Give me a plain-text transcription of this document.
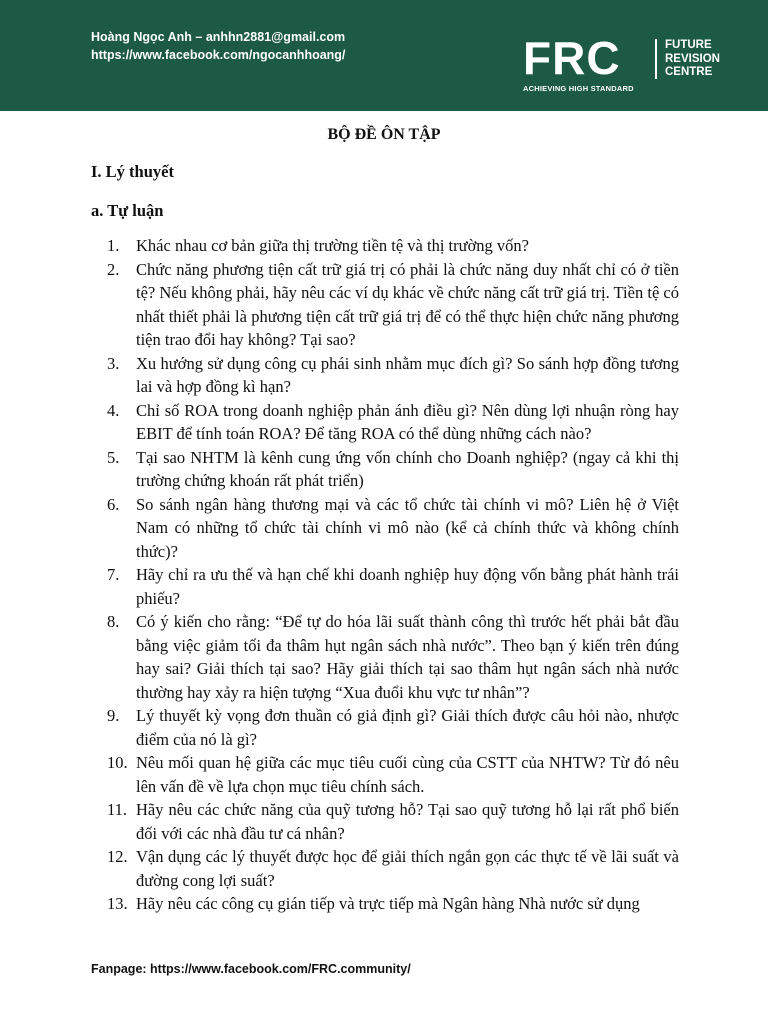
Hoàng Ngọc Anh – anhhn2881@gmail.com
https://www.facebook.com/ngocanhhoang/	FRC	FUTURE
REVISION
CENTRE
ACHIEVING HIGH STANDARD
BỘ ĐỀ ÔN TẬP
I. Lý thuyết
a. Tự luận
1.	Khác nhau cơ bản giữa thị trường tiền tệ và thị trường vốn?
2.	Chức năng phương tiện cất trữ giá trị có phải là chức năng duy nhất chỉ có ở tiền tệ? Nếu không phải, hãy nêu các ví dụ khác về chức năng cất trữ giá trị. Tiền tệ có nhất thiết phải là phương tiện cất trữ giá trị để có thể thực hiện chức năng phương tiện trao đổi hay không? Tại sao?
3.	Xu hướng sử dụng công cụ phái sinh nhằm mục đích gì? So sánh hợp đồng tương lai và hợp đồng kì hạn?
4.	Chỉ số ROA trong doanh nghiệp phản ánh điều gì? Nên dùng lợi nhuận ròng hay EBIT để tính toán ROA? Để tăng ROA có thể dùng những cách nào?
5.	Tại sao NHTM là kênh cung ứng vốn chính cho Doanh nghiệp? (ngay cả khi thị trường chứng khoán rất phát triển)
6.	So sánh ngân hàng thương mại và các tổ chức tài chính vi mô? Liên hệ ở Việt Nam có những tổ chức tài chính vi mô nào (kể cả chính thức và không chính thức)?
7.	Hãy chỉ ra ưu thế và hạn chế khi doanh nghiệp huy động vốn bằng phát hành trái phiếu?
8.	Có ý kiến cho rằng: “Để tự do hóa lãi suất thành công thì trước hết phải bắt đầu bằng việc giảm tối đa thâm hụt ngân sách nhà nước”. Theo bạn ý kiến trên đúng hay sai? Giải thích tại sao? Hãy giải thích tại sao thâm hụt ngân sách nhà nước thường hay xảy ra hiện tượng “Xua đuổi khu vực tư nhân”?
9.	Lý thuyết kỳ vọng đơn thuần có giả định gì? Giải thích được câu hỏi nào, nhược điểm của nó là gì?
10. Nêu mối quan hệ giữa các mục tiêu cuối cùng của CSTT của NHTW? Từ đó nêu lên vấn đề về lựa chọn mục tiêu chính sách.
11. Hãy nêu các chức năng của quỹ tương hỗ? Tại sao quỹ tương hỗ lại rất phổ biến đối với các nhà đầu tư cá nhân?
12. Vận dụng các lý thuyết được học để giải thích ngắn gọn các thực tế về lãi suất và đường cong lợi suất?
13. Hãy nêu các công cụ gián tiếp và trực tiếp mà Ngân hàng Nhà nước sử dụng
Fanpage: https://www.facebook.com/FRC.community/
